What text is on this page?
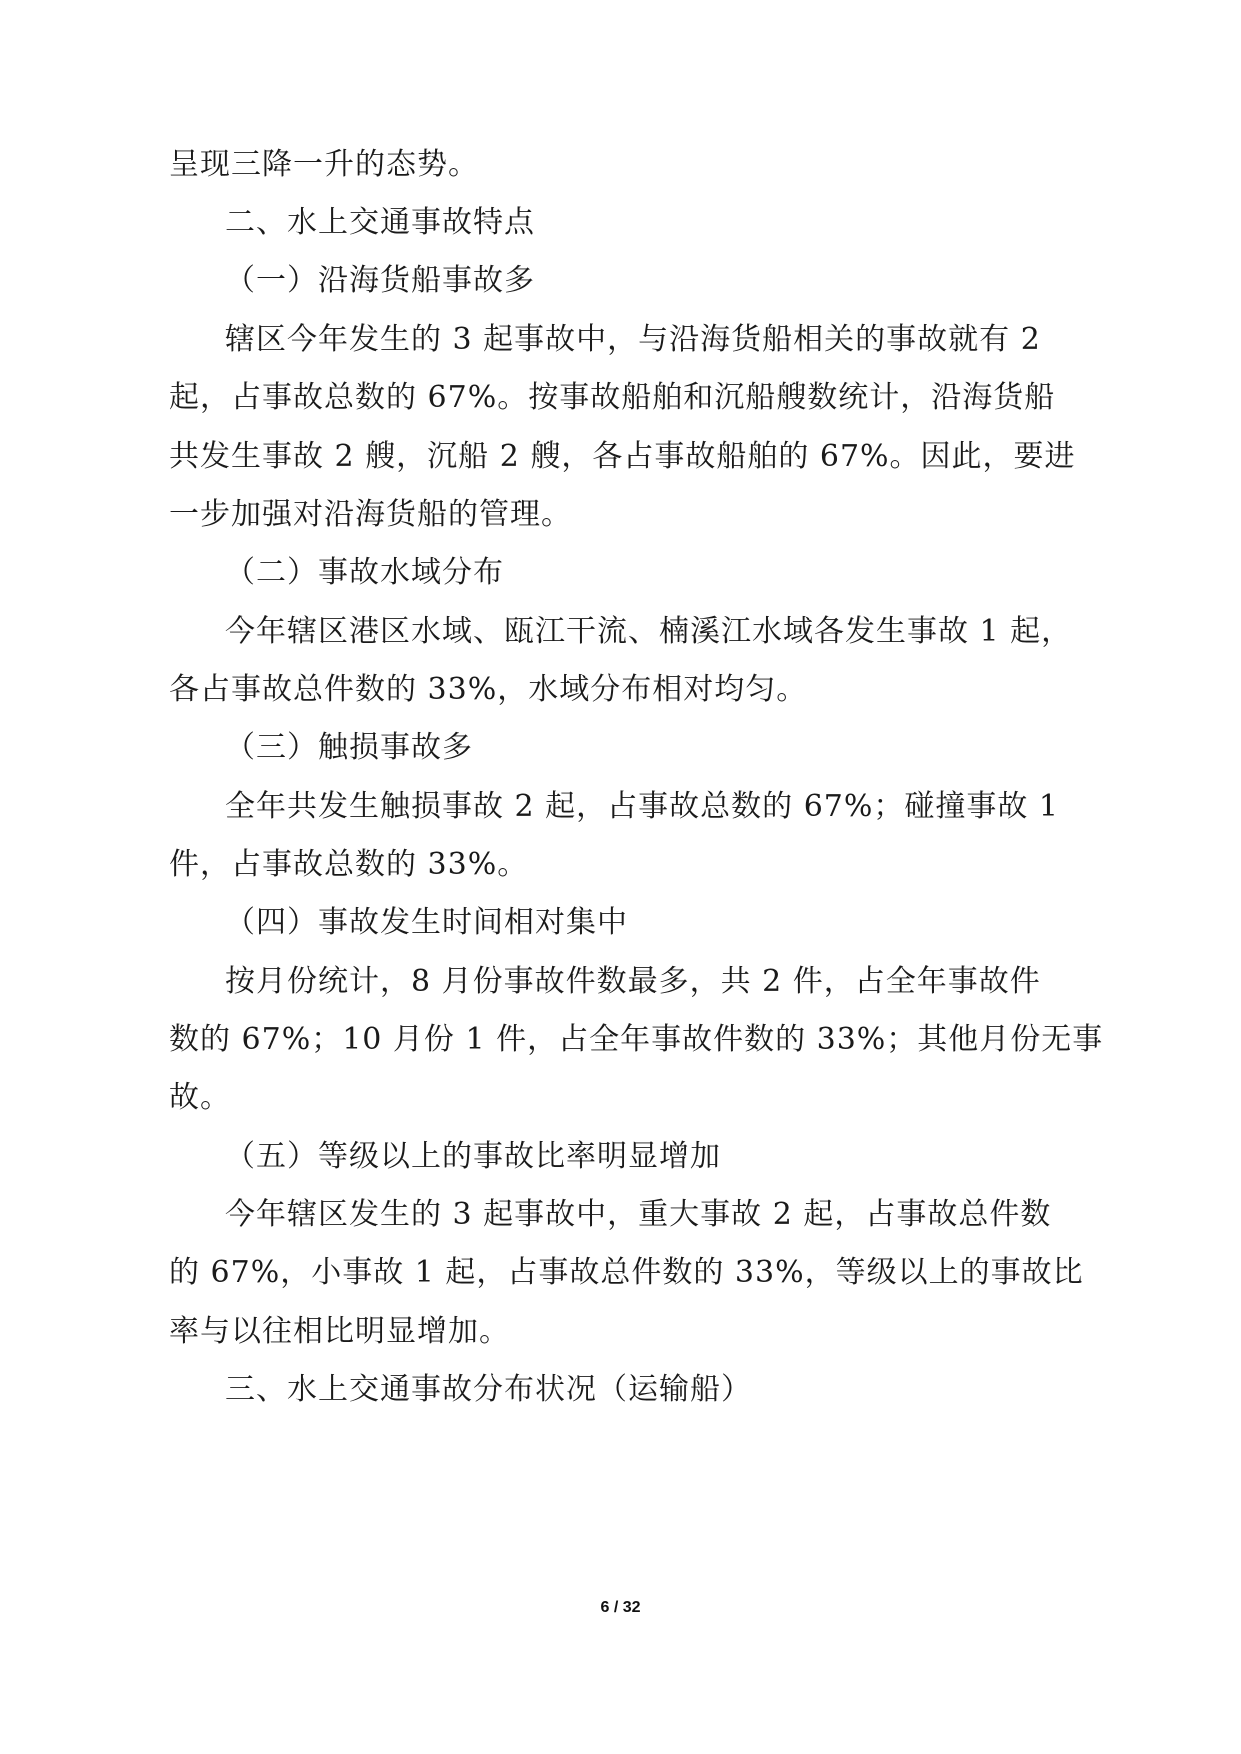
呈现三降一升的态势。
二、水上交通事故特点
（一）沿海货船事故多
辖区今年发生的 3 起事故中，与沿海货船相关的事故就有 2
起，占事故总数的 67%。按事故船舶和沉船艘数统计，沿海货船
共发生事故 2 艘，沉船 2 艘，各占事故船舶的 67%。因此，要进
一步加强对沿海货船的管理。
（二）事故水域分布
今年辖区港区水域、瓯江干流、楠溪江水域各发生事故 1 起，
各占事故总件数的 33%，水域分布相对均匀。
（三）触损事故多
全年共发生触损事故 2 起，占事故总数的 67%；碰撞事故 1
件，占事故总数的 33%。
（四）事故发生时间相对集中
按月份统计，8 月份事故件数最多，共 2 件，占全年事故件
数的 67%；10 月份 1 件，占全年事故件数的 33%；其他月份无事
故。
（五）等级以上的事故比率明显增加
今年辖区发生的 3 起事故中，重大事故 2 起，占事故总件数
的 67%，小事故 1 起，占事故总件数的 33%，等级以上的事故比
率与以往相比明显增加。
三、水上交通事故分布状况（运输船）
6 / 32
